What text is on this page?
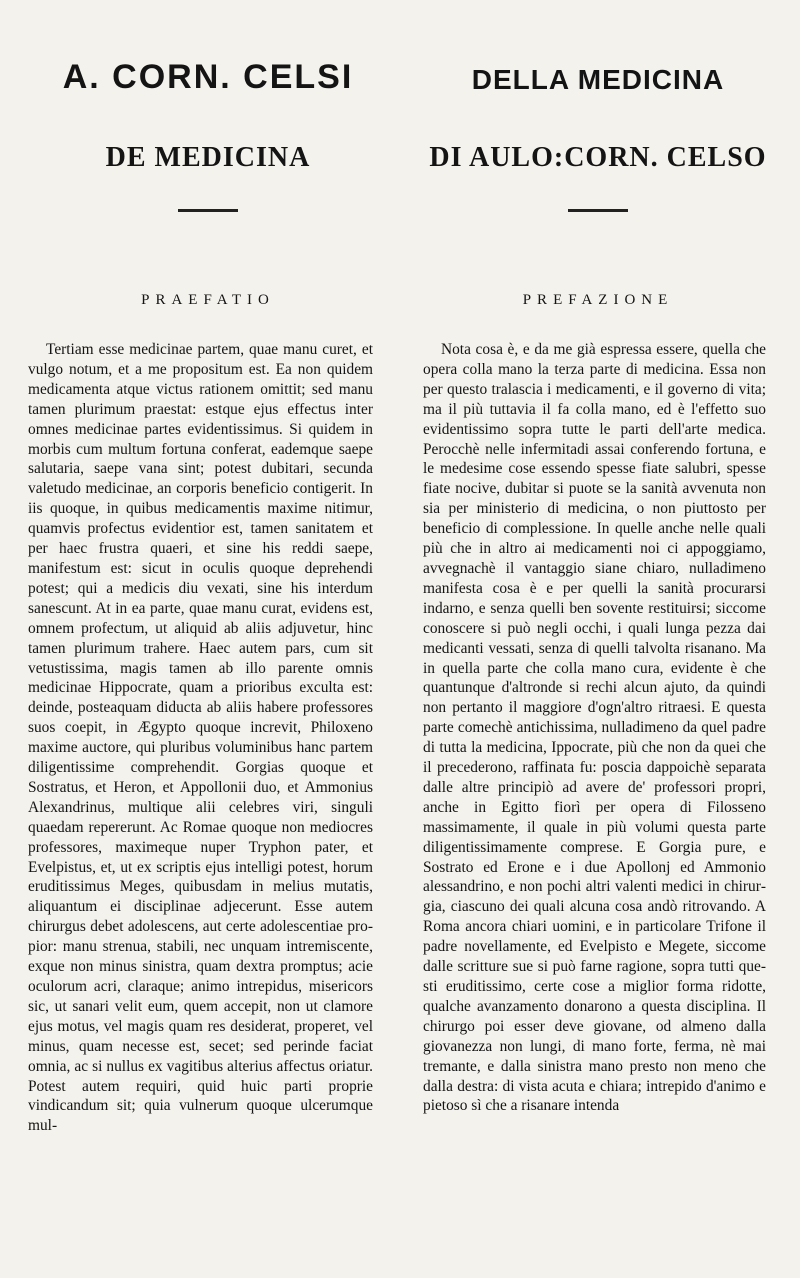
A. CORN. CELSI
DE MEDICINA
PRAEFATIO
Tertiam esse medicinae partem, quae manu curet, et vulgo notum, et a me propositum est. Ea non quidem medicamenta atque victus rationem omittit; sed manu tamen plurimum praestat: estque ejus effectus inter omnes medicinae partes evidentissimus. Si quidem in morbis cum multum fortuna conferat, eademque saepe salutaria, saepe vana sint; potest dubitari, secunda valetudo medicinae, an corporis beneficio contigerit. In iis quoque, in quibus medicamentis maxime nitimur, quamvis profectus evidentior est, tamen sanitatem et per haec frustra quaeri, et sine his reddi saepe, manifestum est: sicut in oculis quoque deprehendi potest; qui a medicis diu vexati, sine his interdum sanescunt. At in ea parte, quae manu curat, evidens est, omnem profectum, ut aliquid ab aliis adjuvetur, hinc tamen plurimum trahere. Haec autem pars, cum sit vetustissima, magis tamen ab illo parente omnis medicinae Hippocrate, quam a prioribus exculta est: deinde, posteaquam diducta ab aliis habere professores suos coepit, in Ægypto quoque increvit, Philoxeno maxime auctore, qui pluribus voluminibus hanc partem diligentissime comprehendit. Gorgias quoque et Sostratus, et Heron, et Appollonii duo, et Ammonius Alexandrinus, multique alii celebres viri, singuli quaedam repererunt. Ac Romae quoque non mediocres professores, maximeque nuper Tryphon pater, et Evelpistus, et, ut ex scriptis ejus intelligi potest, horum eruditissimus Meges, quibusdam in melius mutatis, aliquantum ei disciplinae adjecerunt. Esse autem chirurgus debet adolescens, aut certe adolescentiae propior: manu strenua, stabili, nec unquam intremiscente, exque non minus sinistra, quam dextra promptus; acie oculorum acri, claraque; animo intrepidus, misericors sic, ut sanari velit eum, quem accepit, non ut clamore ejus motus, vel magis quam res desiderat, properet, vel minus, quam necesse est, secet; sed perinde faciat omnia, ac si nullus ex vagitibus alterius affectus oriatur. Potest autem requiri, quid huic parti proprie vindicandum sit; quia vulnerum quoque ulcerumque mul-
DELLA MEDICINA
DI AULO:CORN. CELSO
PREFAZIONE
Nota cosa è, e da me già espressa essere, quella che opera colla mano la terza parte di medicina. Essa non per questo tralascia i medicamenti, e il governo di vita; ma il più tuttavia il fa colla mano, ed è l'effetto suo evidentissimo sopra tutte le parti dell'arte medica. Perocchè nelle infermitadi assai conferendo fortuna, e le medesime cose essendo spesse fiate salubri, spesse fiate nocive, dubitar si puote se la sanità avvenuta non sia per ministerio di medicina, o non piuttosto per beneficio di complessione. In quelle anche nelle quali più che in altro ai medicamenti noi ci appoggiamo, avvegnachè il vantaggio siane chiaro, nulladimeno manifesta cosa è e per quelli la sanità procurarsi indarno, e senza quelli ben sovente restituirsi; siccome conoscere si può negli occhi, i quali lunga pezza dai medicanti vessati, senza di quelli talvolta risanano. Ma in quella parte che colla mano cura, evidente è che quantunque d'altronde si rechi alcun ajuto, da quindi non pertanto il maggiore d'ogn'altro ritraesi. E questa parte comechè antichissima, nulladimeno da quel padre di tutta la medicina, Ippocrate, più che non da quei che il precederono, raffinata fu: poscia dappoichè separata dalle altre principiò ad avere de' professori propri, anche in Egitto fiorì per opera di Filosseno massimamente, il quale in più volumi questa parte diligentissimamente comprese. E Gorgia pure, e Sostrato ed Erone e i due Apollonj ed Ammonio alessandrino, e non pochi altri valenti medici in chirurgia, ciascuno dei quali alcuna cosa andò ritrovando. A Roma ancora chiari uomini, e in particolare Trifone il padre novellamente, ed Evelpisto e Megete, siccome dalle scritture sue si può farne ragione, sopra tutti questi eruditissimo, certe cose a miglior forma ridotte, qualche avanzamento donarono a questa disciplina. Il chirurgo poi esser deve giovane, od almeno dalla giovanezza non lungi, di mano forte, ferma, nè mai tremante, e dalla sinistra mano presto non meno che dalla destra: di vista acuta e chiara; intrepido d'animo e pietoso sì che a risanare intenda
